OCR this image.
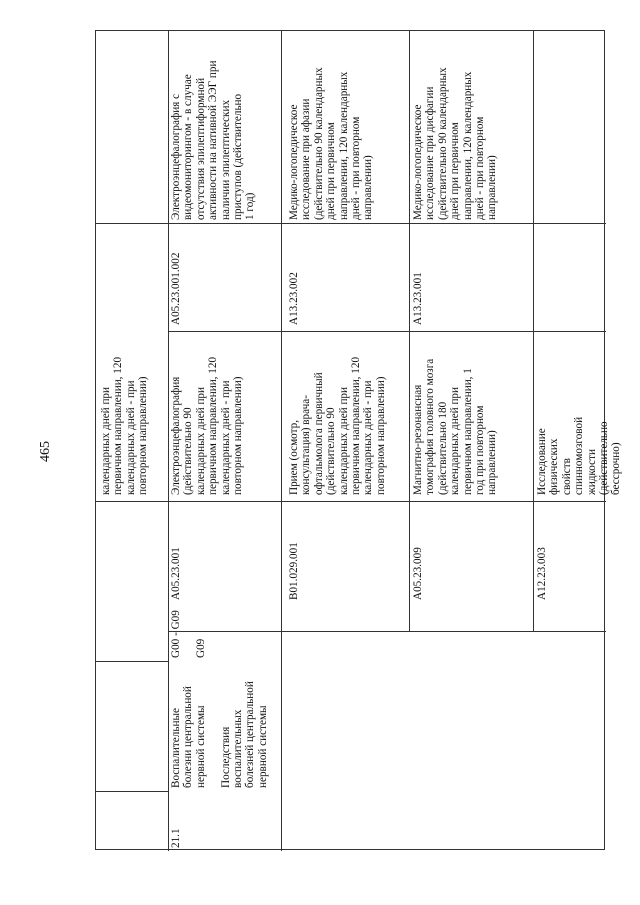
465
21.1
Воспалительные
болезни центральной
нервной системы

Последствия
воспалительных
болезней центральной
нервной системы
G00 - G09

G09
календарных дней при
первичном направлении, 120
календарных дней - при
повторном направлении)
A05.23.001
Электроэнцефалография
(действительно 90
календарных дней при
первичном направлении, 120
календарных дней - при
повторном направлении)
A05.23.001.002
Электроэнцефалография с
видеомониторингом - в случае
отсутствия эпилептиформной
активности на нативной ЭЭГ при
наличии эпилептических
приступов (действительно
1 год)
B01.029.001
Прием (осмотр,
консультация) врача-
офтальмолога первичный
(действительно 90
календарных дней при
первичном направлении, 120
календарных дней - при
повторном направлении)
A13.23.002
Медико-логопедическое
исследование при афазии
(действительно 90 календарных
дней при первичном
направлении, 120 календарных
дней - при повторном
направлении)
A05.23.009
Магнитно-резонансная
томография головного мозга
(действительно 180
календарных дней при
первичном направлении, 1
год при повторном
направлении)
A13.23.001
Медико-логопедическое
исследование при дисфагии
(действительно 90 календарных
дней при первичном
направлении, 120 календарных
дней - при повторном
направлении)
A12.23.003
Исследование физических
свойств спинномозговой
жидкости (действительно
бессрочно)
